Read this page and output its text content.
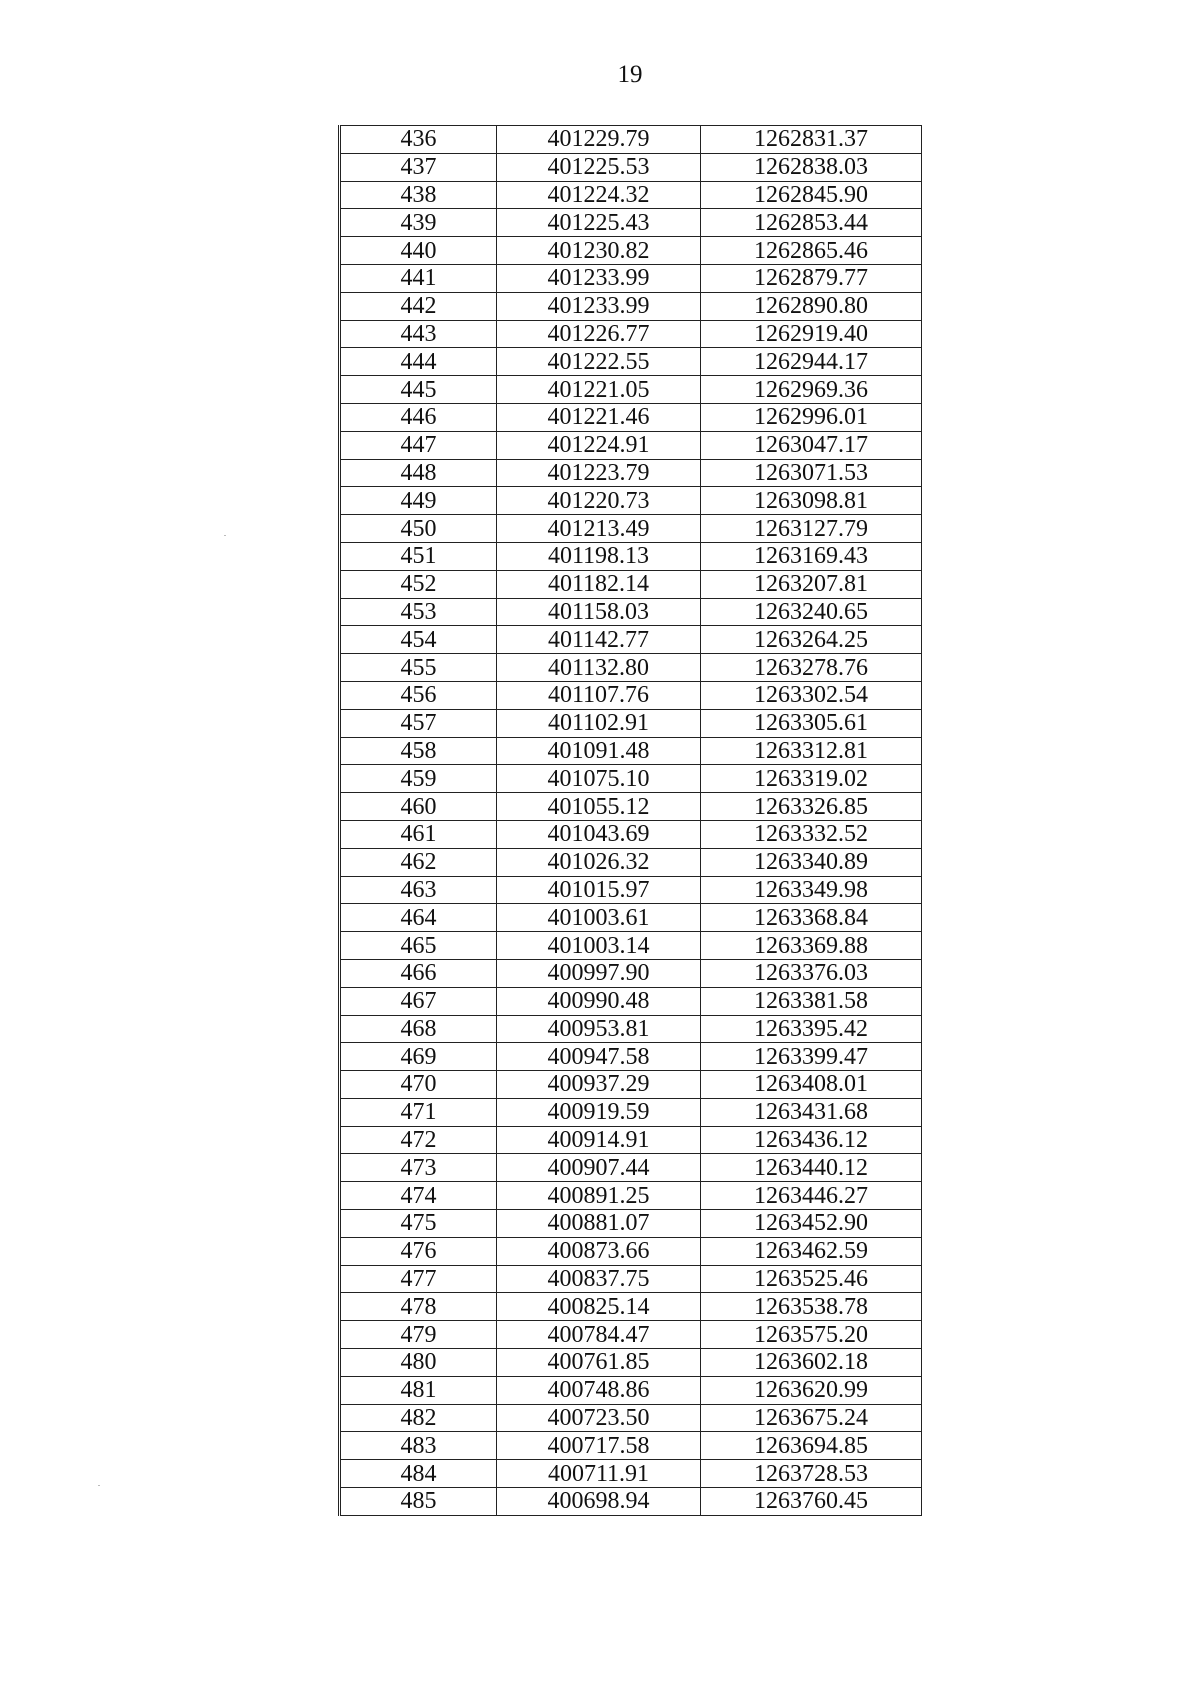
19
436	401229.79	1262831.37
437	401225.53	1262838.03
438	401224.32	1262845.90
439	401225.43	1262853.44
440	401230.82	1262865.46
441	401233.99	1262879.77
442	401233.99	1262890.80
443	401226.77	1262919.40
444	401222.55	1262944.17
445	401221.05	1262969.36
446	401221.46	1262996.01
447	401224.91	1263047.17
448	401223.79	1263071.53
449	401220.73	1263098.81
450	401213.49	1263127.79
451	401198.13	1263169.43
452	401182.14	1263207.81
453	401158.03	1263240.65
454	401142.77	1263264.25
455	401132.80	1263278.76
456	401107.76	1263302.54
457	401102.91	1263305.61
458	401091.48	1263312.81
459	401075.10	1263319.02
460	401055.12	1263326.85
461	401043.69	1263332.52
462	401026.32	1263340.89
463	401015.97	1263349.98
464	401003.61	1263368.84
465	401003.14	1263369.88
466	400997.90	1263376.03
467	400990.48	1263381.58
468	400953.81	1263395.42
469	400947.58	1263399.47
470	400937.29	1263408.01
471	400919.59	1263431.68
472	400914.91	1263436.12
473	400907.44	1263440.12
474	400891.25	1263446.27
475	400881.07	1263452.90
476	400873.66	1263462.59
477	400837.75	1263525.46
478	400825.14	1263538.78
479	400784.47	1263575.20
480	400761.85	1263602.18
481	400748.86	1263620.99
482	400723.50	1263675.24
483	400717.58	1263694.85
484	400711.91	1263728.53
485	400698.94	1263760.45
